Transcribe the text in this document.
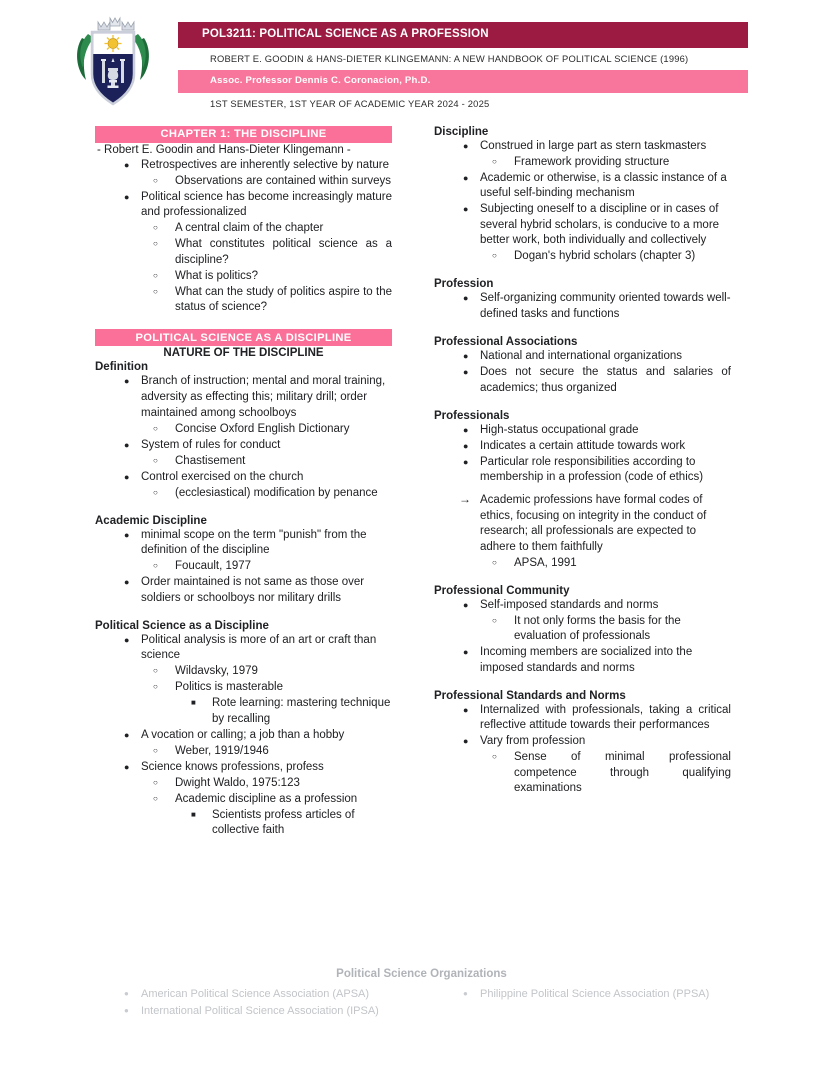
POL3211: POLITICAL SCIENCE AS A PROFESSION
ROBERT E. GOODIN & HANS-DIETER KLINGEMANN: A NEW HANDBOOK OF POLITICAL SCIENCE (1996)
Assoc. Professor Dennis C. Coronacion, Ph.D.
1ST SEMESTER, 1ST YEAR OF ACADEMIC YEAR 2024 - 2025
CHAPTER 1: THE DISCIPLINE
- Robert E. Goodin and Hans-Dieter Klingemann -
●	Retrospectives are inherently selective by nature
○	Observations are contained within surveys
●	Political science has become increasingly mature and professionalized
○	A central claim of the chapter
○	What constitutes political science as a discipline?
○	What is politics?
○	What can the study of politics aspire to the status of science?
POLITICAL SCIENCE AS A DISCIPLINE
NATURE OF THE DISCIPLINE
Definition
●	Branch of instruction; mental and moral training, adversity as effecting this; military drill; order maintained among schoolboys
○	Concise Oxford English Dictionary
●	System of rules for conduct
○	Chastisement
●	Control exercised on the church
○	(ecclesiastical) modification by penance
Academic Discipline
●	minimal scope on the term "punish" from the definition of the discipline
○	Foucault, 1977
●	Order maintained is not same as those over soldiers or schoolboys nor military drills
Political Science as a Discipline
●	Political analysis is more of an art or craft than science
○	Wildavsky, 1979
○	Politics is masterable
■	Rote learning: mastering technique by recalling
●	A vocation or calling; a job than a hobby
○	Weber, 1919/1946
●	Science knows professions, profess
○	Dwight Waldo, 1975:123
○	Academic discipline as a profession
■	Scientists profess articles of collective faith
Discipline
●	Construed in large part as stern taskmasters
○	Framework providing structure
●	Academic or otherwise, is a classic instance of a useful self-binding mechanism
●	Subjecting oneself to a discipline or in cases of several hybrid scholars, is conducive to a more better work, both individually and collectively
○	Dogan's hybrid scholars (chapter 3)
Profession
●	Self-organizing community oriented towards well-defined tasks and functions
Professional Associations
●	National and international organizations
●	Does not secure the status and salaries of academics; thus organized
Professionals
●	High-status occupational grade
●	Indicates a certain attitude towards work
●	Particular role responsibilities according to membership in a profession (code of ethics)
→ Academic professions have formal codes of ethics, focusing on integrity in the conduct of research; all professionals are expected to adhere to them faithfully
○	APSA, 1991
Professional Community
●	Self-imposed standards and norms
○	It not only forms the basis for the evaluation of professionals
●	Incoming members are socialized into the imposed standards and norms
Professional Standards and Norms
●	Internalized with professionals, taking a critical reflective attitude towards their performances
●	Vary from profession
○	Sense of minimal professional competence through qualifying examinations
Political Science Organizations
● American Political Science Association (APSA)
● International Political Science Association (IPSA)
● Philippine Political Science Association (PPSA)
